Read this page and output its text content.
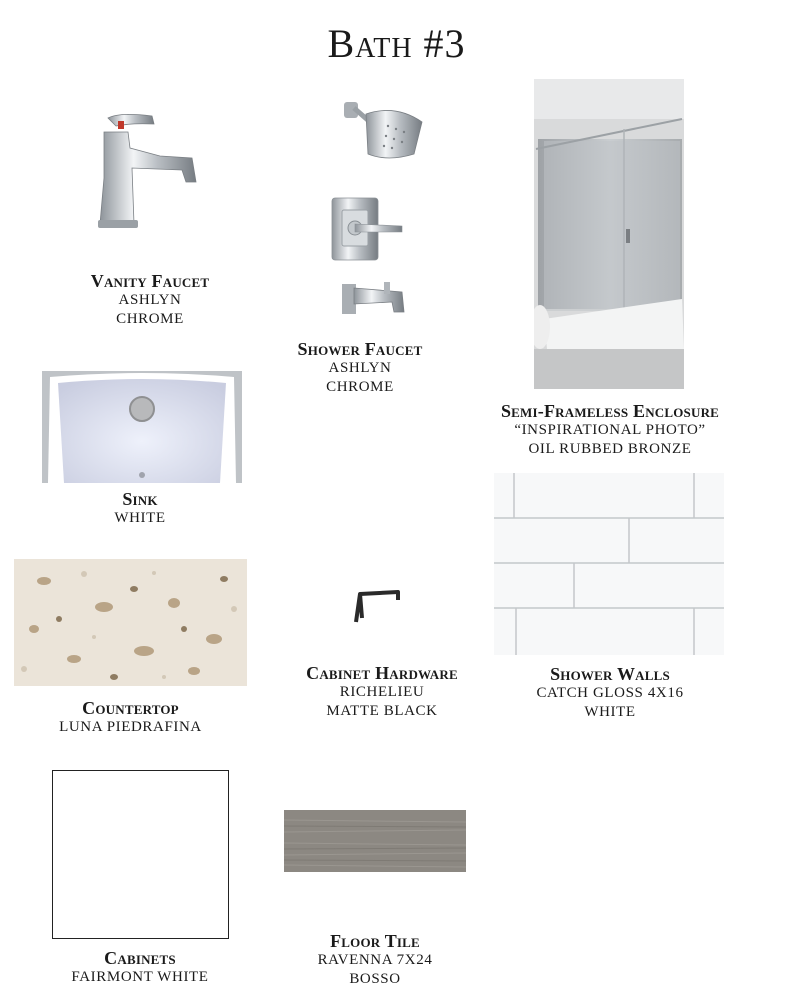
Bath #3
Vanity Faucet
ASHLYN
CHROME
Shower Faucet
ASHLYN
CHROME
Semi-Frameless Enclosure
“INSPIRATIONAL PHOTO”
OIL RUBBED BRONZE
Sink
WHITE
Shower Walls
CATCH GLOSS 4X16
WHITE
Countertop
LUNA PIEDRAFINA
Cabinet Hardware
RICHELIEU
MATTE BLACK
Cabinets
FAIRMONT WHITE
Floor Tile
RAVENNA 7X24
BOSSO
